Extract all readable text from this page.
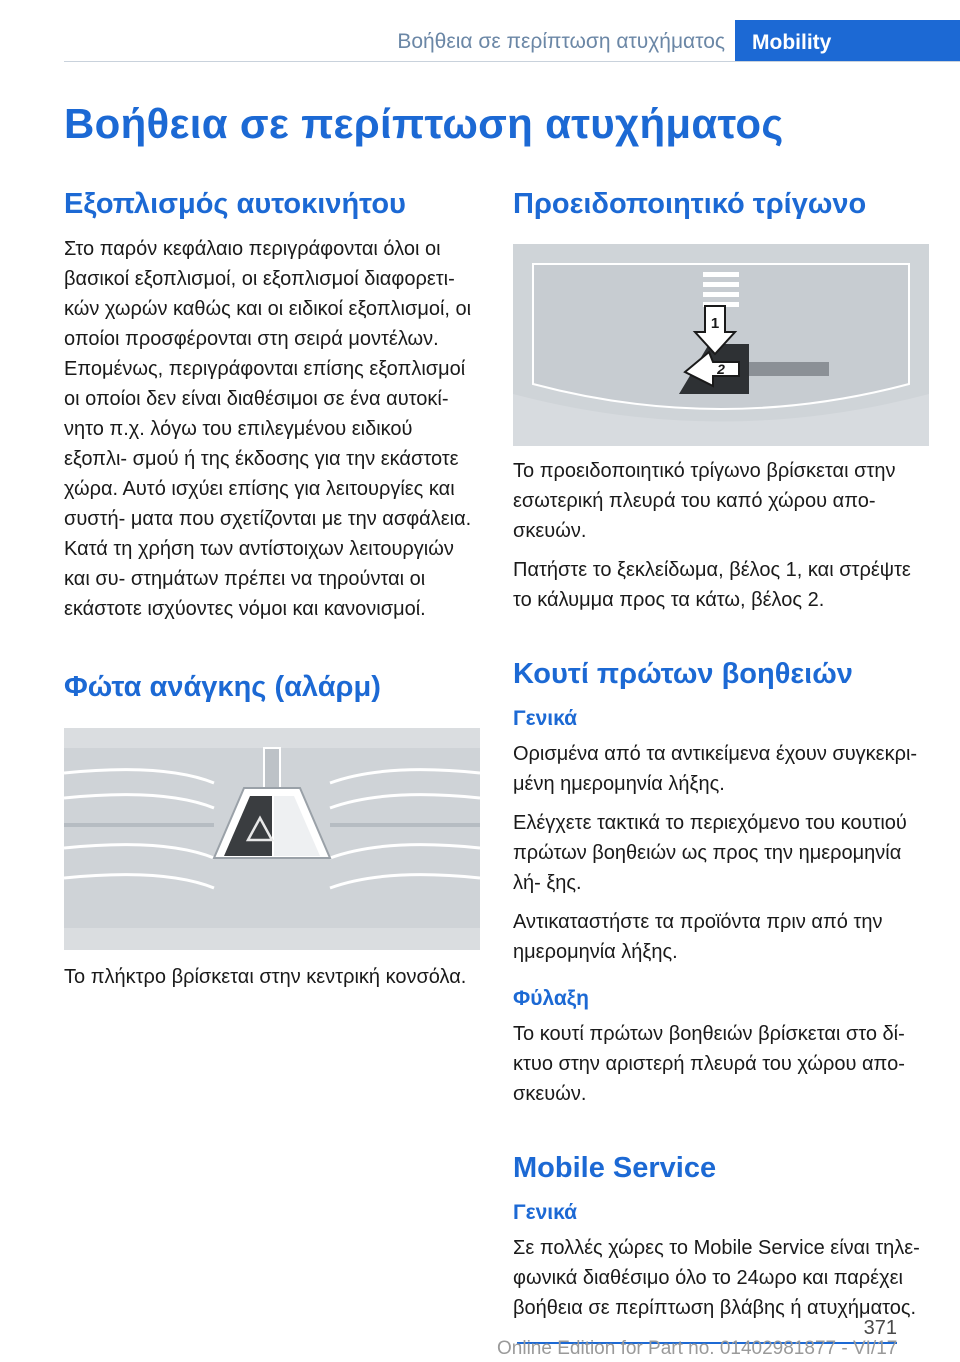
Βοήθεια σε περίπτωση ατυχήματος	Mobility
Βοήθεια σε περίπτωση ατυχήματος
Εξοπλισμός αυτοκινήτου

Στο παρόν κεφάλαιο περιγράφονται όλοι οι βασικοί εξοπλισμοί, οι εξοπλισμοί διαφορετι- κών χωρών καθώς και οι ειδικοί εξοπλισμοί, οι οποίοι προσφέρονται στη σειρά μοντέλων. Επομένως, περιγράφονται επίσης εξοπλισμοί οι οποίοι δεν είναι διαθέσιμοι σε ένα αυτοκί- νητο π.χ. λόγω του επιλεγμένου ειδικού εξοπλι- σμού ή της έκδοσης για την εκάστοτε χώρα. Αυτό ισχύει επίσης για λειτουργίες και συστή- ματα που σχετίζονται με την ασφάλεια. Κατά τη χρήση των αντίστοιχων λειτουργιών και συ- στημάτων πρέπει να τηρούνται οι εκάστοτε ισχύοντες νόμοι και κανονισμοί.

Φώτα ανάγκης (αλάρμ)

Το πλήκτρο βρίσκεται στην κεντρική κονσόλα.

Προειδοποιητικό τρίγωνο
1
2

Το προειδοποιητικό τρίγωνο βρίσκεται στην εσωτερική πλευρά του καπό χώρου απο- σκευών.

Πατήστε το ξεκλείδωμα, βέλος 1, και στρέψτε το κάλυμμα προς τα κάτω, βέλος 2.

Κουτί πρώτων βοηθειών
Γενικά

Ορισμένα από τα αντικείμενα έχουν συγκεκρι- μένη ημερομηνία λήξης.

Ελέγχετε τακτικά το περιεχόμενο του κουτιού πρώτων βοηθειών ως προς την ημερομηνία λή- ξης.

Αντικαταστήστε τα προϊόντα πριν από την ημερομηνία λήξης.

Φύλαξη

Το κουτί πρώτων βοηθειών βρίσκεται στο δί- κτυο στην αριστερή πλευρά του χώρου απο- σκευών.

Mobile Service
Γενικά

Σε πολλές χώρες το Mobile Service είναι τηλε- φωνικά διαθέσιμο όλο το 24ωρο και παρέχει βοήθεια σε περίπτωση βλάβης ή ατυχήματος.

371
Online Edition for Part no. 01402981877 - VI/17
